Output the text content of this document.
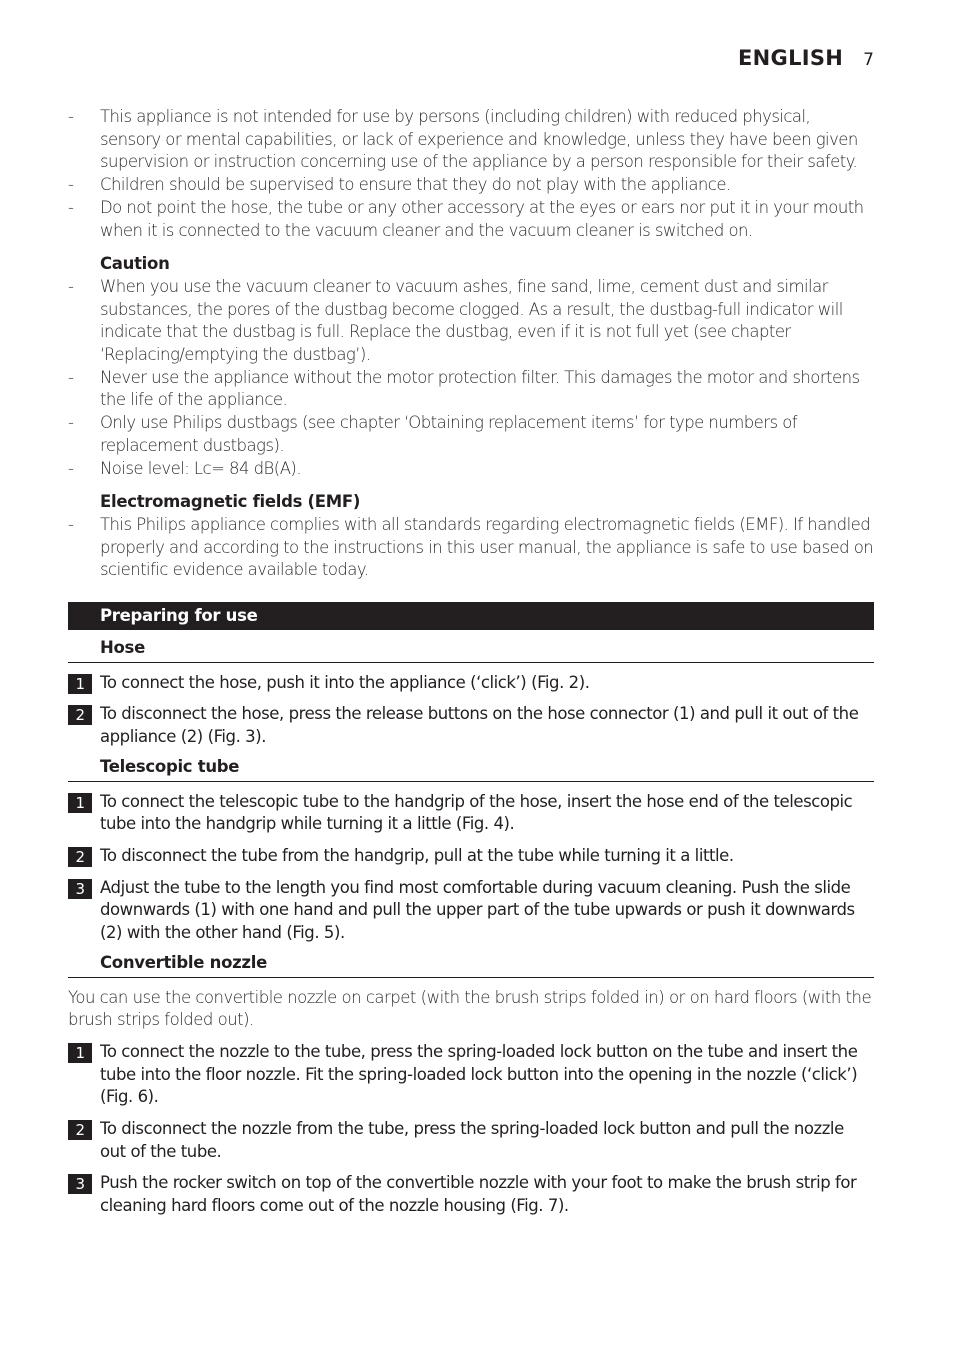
ENGLISH 7
- This appliance is not intended for use by persons (including children) with reduced physical, sensory or mental capabilities, or lack of experience and knowledge, unless they have been given supervision or instruction concerning use of the appliance by a person responsible for their safety.
- Children should be supervised to ensure that they do not play with the appliance.
- Do not point the hose, the tube or any other accessory at the eyes or ears nor put it in your mouth when it is connected to the vacuum cleaner and the vacuum cleaner is switched on.
Caution
- When you use the vacuum cleaner to vacuum ashes, fine sand, lime, cement dust and similar substances, the pores of the dustbag become clogged. As a result, the dustbag-full indicator will indicate that the dustbag is full. Replace the dustbag, even if it is not full yet (see chapter ‘Replacing/emptying the dustbag’).
- Never use the appliance without the motor protection filter. This damages the motor and shortens the life of the appliance.
- Only use Philips dustbags (see chapter ‘Obtaining replacement items’ for type numbers of replacement dustbags).
- Noise level: Lc= 84 dB(A).
Electromagnetic fields (EMF)
- This Philips appliance complies with all standards regarding electromagnetic fields (EMF). If handled properly and according to the instructions in this user manual, the appliance is safe to use based on scientific evidence available today.
Preparing for use
Hose
1 To connect the hose, push it into the appliance (‘click’) (Fig. 2).
2 To disconnect the hose, press the release buttons on the hose connector (1) and pull it out of the appliance (2) (Fig. 3).
Telescopic tube
1 To connect the telescopic tube to the handgrip of the hose, insert the hose end of the telescopic tube into the handgrip while turning it a little (Fig. 4).
2 To disconnect the tube from the handgrip, pull at the tube while turning it a little.
3 Adjust the tube to the length you find most comfortable during vacuum cleaning. Push the slide downwards (1) with one hand and pull the upper part of the tube upwards or push it downwards (2) with the other hand (Fig. 5).
Convertible nozzle
You can use the convertible nozzle on carpet (with the brush strips folded in) or on hard floors (with the brush strips folded out).
1 To connect the nozzle to the tube, press the spring-loaded lock button on the tube and insert the tube into the floor nozzle. Fit the spring-loaded lock button into the opening in the nozzle (‘click’) (Fig. 6).
2 To disconnect the nozzle from the tube, press the spring-loaded lock button and pull the nozzle out of the tube.
3 Push the rocker switch on top of the convertible nozzle with your foot to make the brush strip for cleaning hard floors come out of the nozzle housing (Fig. 7).
